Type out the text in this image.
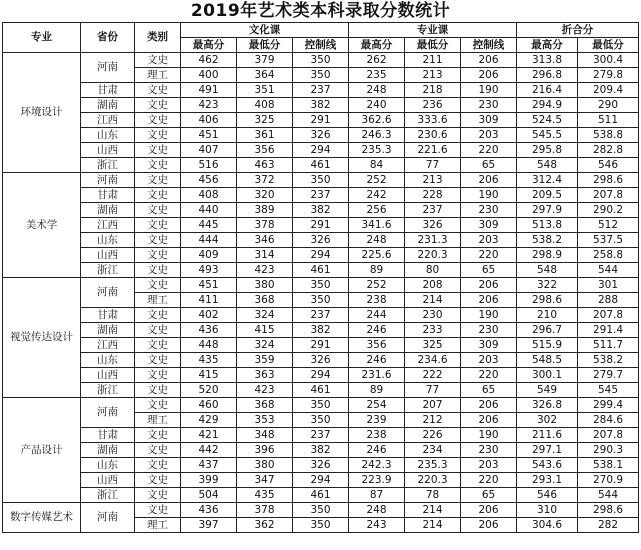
2019年艺术类本科录取分数统计
专业	省份	类别	文化课			专业课			折合分	
			最高分	最低分	控制线	最高分	最低分	控制线	最高分	最低分
环境设计	河南	文史	462	379	350	262	211	206	313.8	300.4
		理工	400	364	350	235	213	206	296.8	279.8
	甘肃	文史	491	351	237	248	218	190	216.4	209.4
	湖南	文史	423	408	382	240	236	230	294.9	290
	江西	文史	406	325	291	362.6	333.6	309	524.5	511
	山东	文史	451	361	326	246.3	230.6	203	545.5	538.8
	山西	文史	407	356	294	235.3	221.6	220	295.8	282.8
	浙江	文史	516	463	461	84	77	65	548	546
美术学	河南	文史	456	372	350	252	213	206	312.4	298.6
	甘肃	文史	408	320	237	242	228	190	209.5	207.8
	湖南	文史	440	389	382	256	237	230	297.9	290.2
	江西	文史	445	378	291	341.6	326	309	513.8	512
	山东	文史	444	346	326	248	231.3	203	538.2	537.5
	山西	文史	409	314	294	225.6	220.3	220	298.9	258.8
	浙江	文史	493	423	461	89	80	65	548	544
视觉传达设计	河南	文史	451	380	350	252	208	206	322	301
		理工	411	368	350	238	214	206	298.6	288
	甘肃	文史	402	324	237	244	230	190	210	207.8
	湖南	文史	436	415	382	246	233	230	296.7	291.4
	江西	文史	448	324	291	356	325	309	515.9	511.7
	山东	文史	435	359	326	246	234.6	203	548.5	538.2
	山西	文史	415	363	294	231.6	222	220	300.1	279.7
	浙江	文史	520	423	461	89	77	65	549	545
产品设计	河南	文史	460	368	350	254	207	206	326.8	299.4
		理工	429	353	350	239	212	206	302	284.6
	甘肃	文史	421	348	237	238	226	190	211.6	207.8
	湖南	文史	442	396	382	246	234	230	297.1	290.3
	山东	文史	437	380	326	242.3	235.3	203	543.6	538.1
	山西	文史	399	347	294	223.9	220.3	220	293.1	270.9
	浙江	文史	504	435	461	87	78	65	546	544
数字传媒艺术	河南	文史	436	378	350	248	214	206	310	298.6
		理工	397	362	350	243	214	206	304.6	282
